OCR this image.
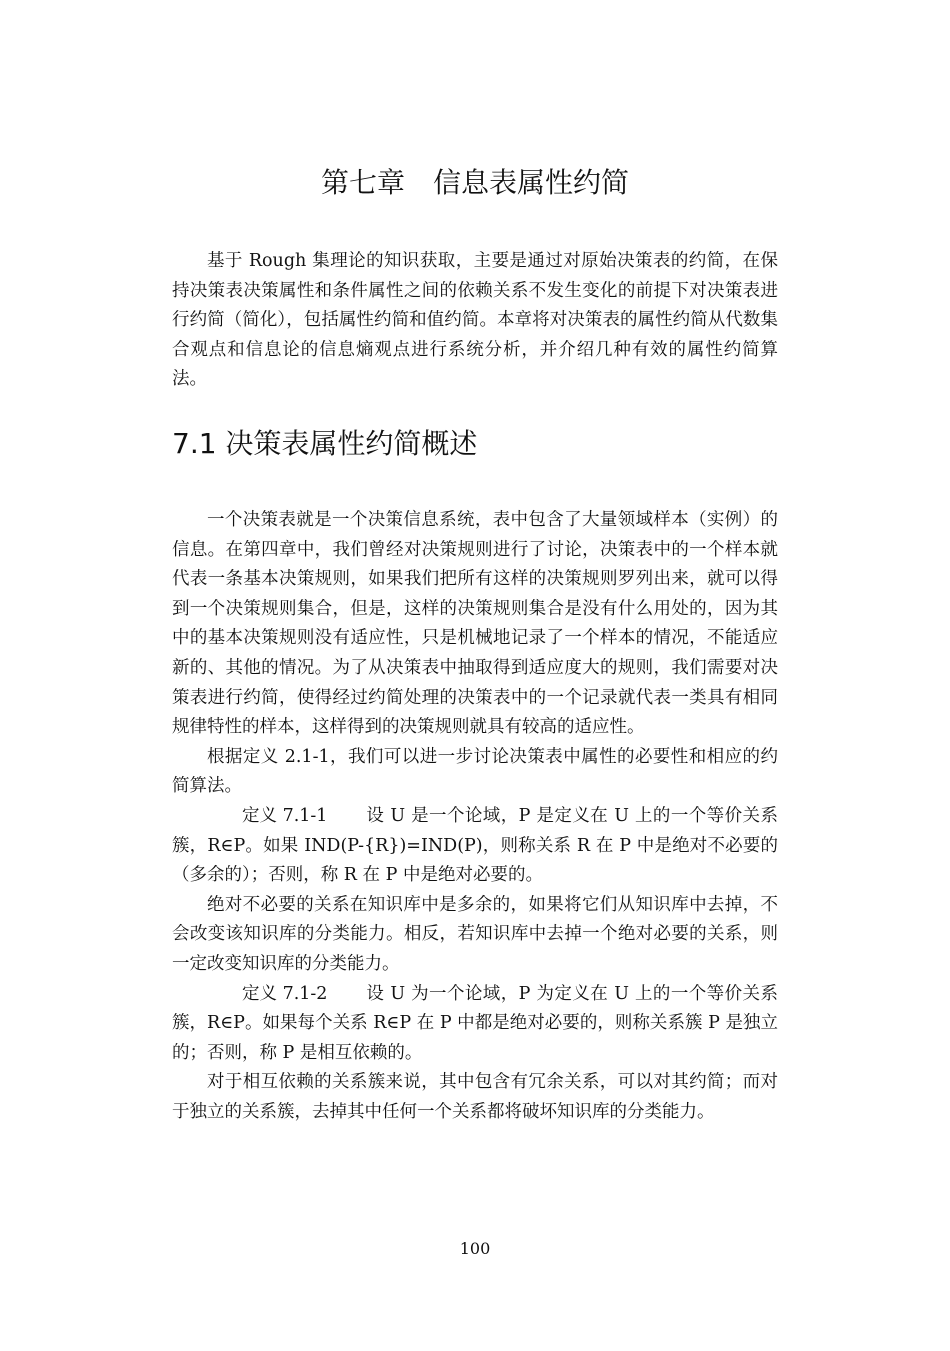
第七章　信息表属性约简

基于 Rough 集理论的知识获取，主要是通过对原始决策表的约简，在保持决策表决策属性和条件属性之间的依赖关系不发生变化的前提下对决策表进行约简（简化），包括属性约简和值约简。本章将对决策表的属性约简从代数集合观点和信息论的信息熵观点进行系统分析，并介绍几种有效的属性约简算法。

7.1 决策表属性约简概述

一个决策表就是一个决策信息系统，表中包含了大量领域样本（实例）的信息。在第四章中，我们曾经对决策规则进行了讨论，决策表中的一个样本就代表一条基本决策规则，如果我们把所有这样的决策规则罗列出来，就可以得到一个决策规则集合，但是，这样的决策规则集合是没有什么用处的，因为其中的基本决策规则没有适应性，只是机械地记录了一个样本的情况，不能适应新的、其他的情况。为了从决策表中抽取得到适应度大的规则，我们需要对决策表进行约简，使得经过约简处理的决策表中的一个记录就代表一类具有相同规律特性的样本，这样得到的决策规则就具有较高的适应性。

根据定义 2.1-1，我们可以进一步讨论决策表中属性的必要性和相应的约简算法。

定义 7.1-1 设 U 是一个论域，P 是定义在 U 上的一个等价关系簇，R∈P。如果 IND(P-{R})=IND(P)，则称关系 R 在 P 中是绝对不必要的（多余的）；否则，称 R 在 P 中是绝对必要的。

绝对不必要的关系在知识库中是多余的，如果将它们从知识库中去掉，不会改变该知识库的分类能力。相反，若知识库中去掉一个绝对必要的关系，则一定改变知识库的分类能力。

定义 7.1-2 设 U 为一个论域，P 为定义在 U 上的一个等价关系簇，R∈P。如果每个关系 R∈P 在 P 中都是绝对必要的，则称关系簇 P 是独立的；否则，称 P 是相互依赖的。

对于相互依赖的关系簇来说，其中包含有冗余关系，可以对其约简；而对于独立的关系簇，去掉其中任何一个关系都将破坏知识库的分类能力。

100
